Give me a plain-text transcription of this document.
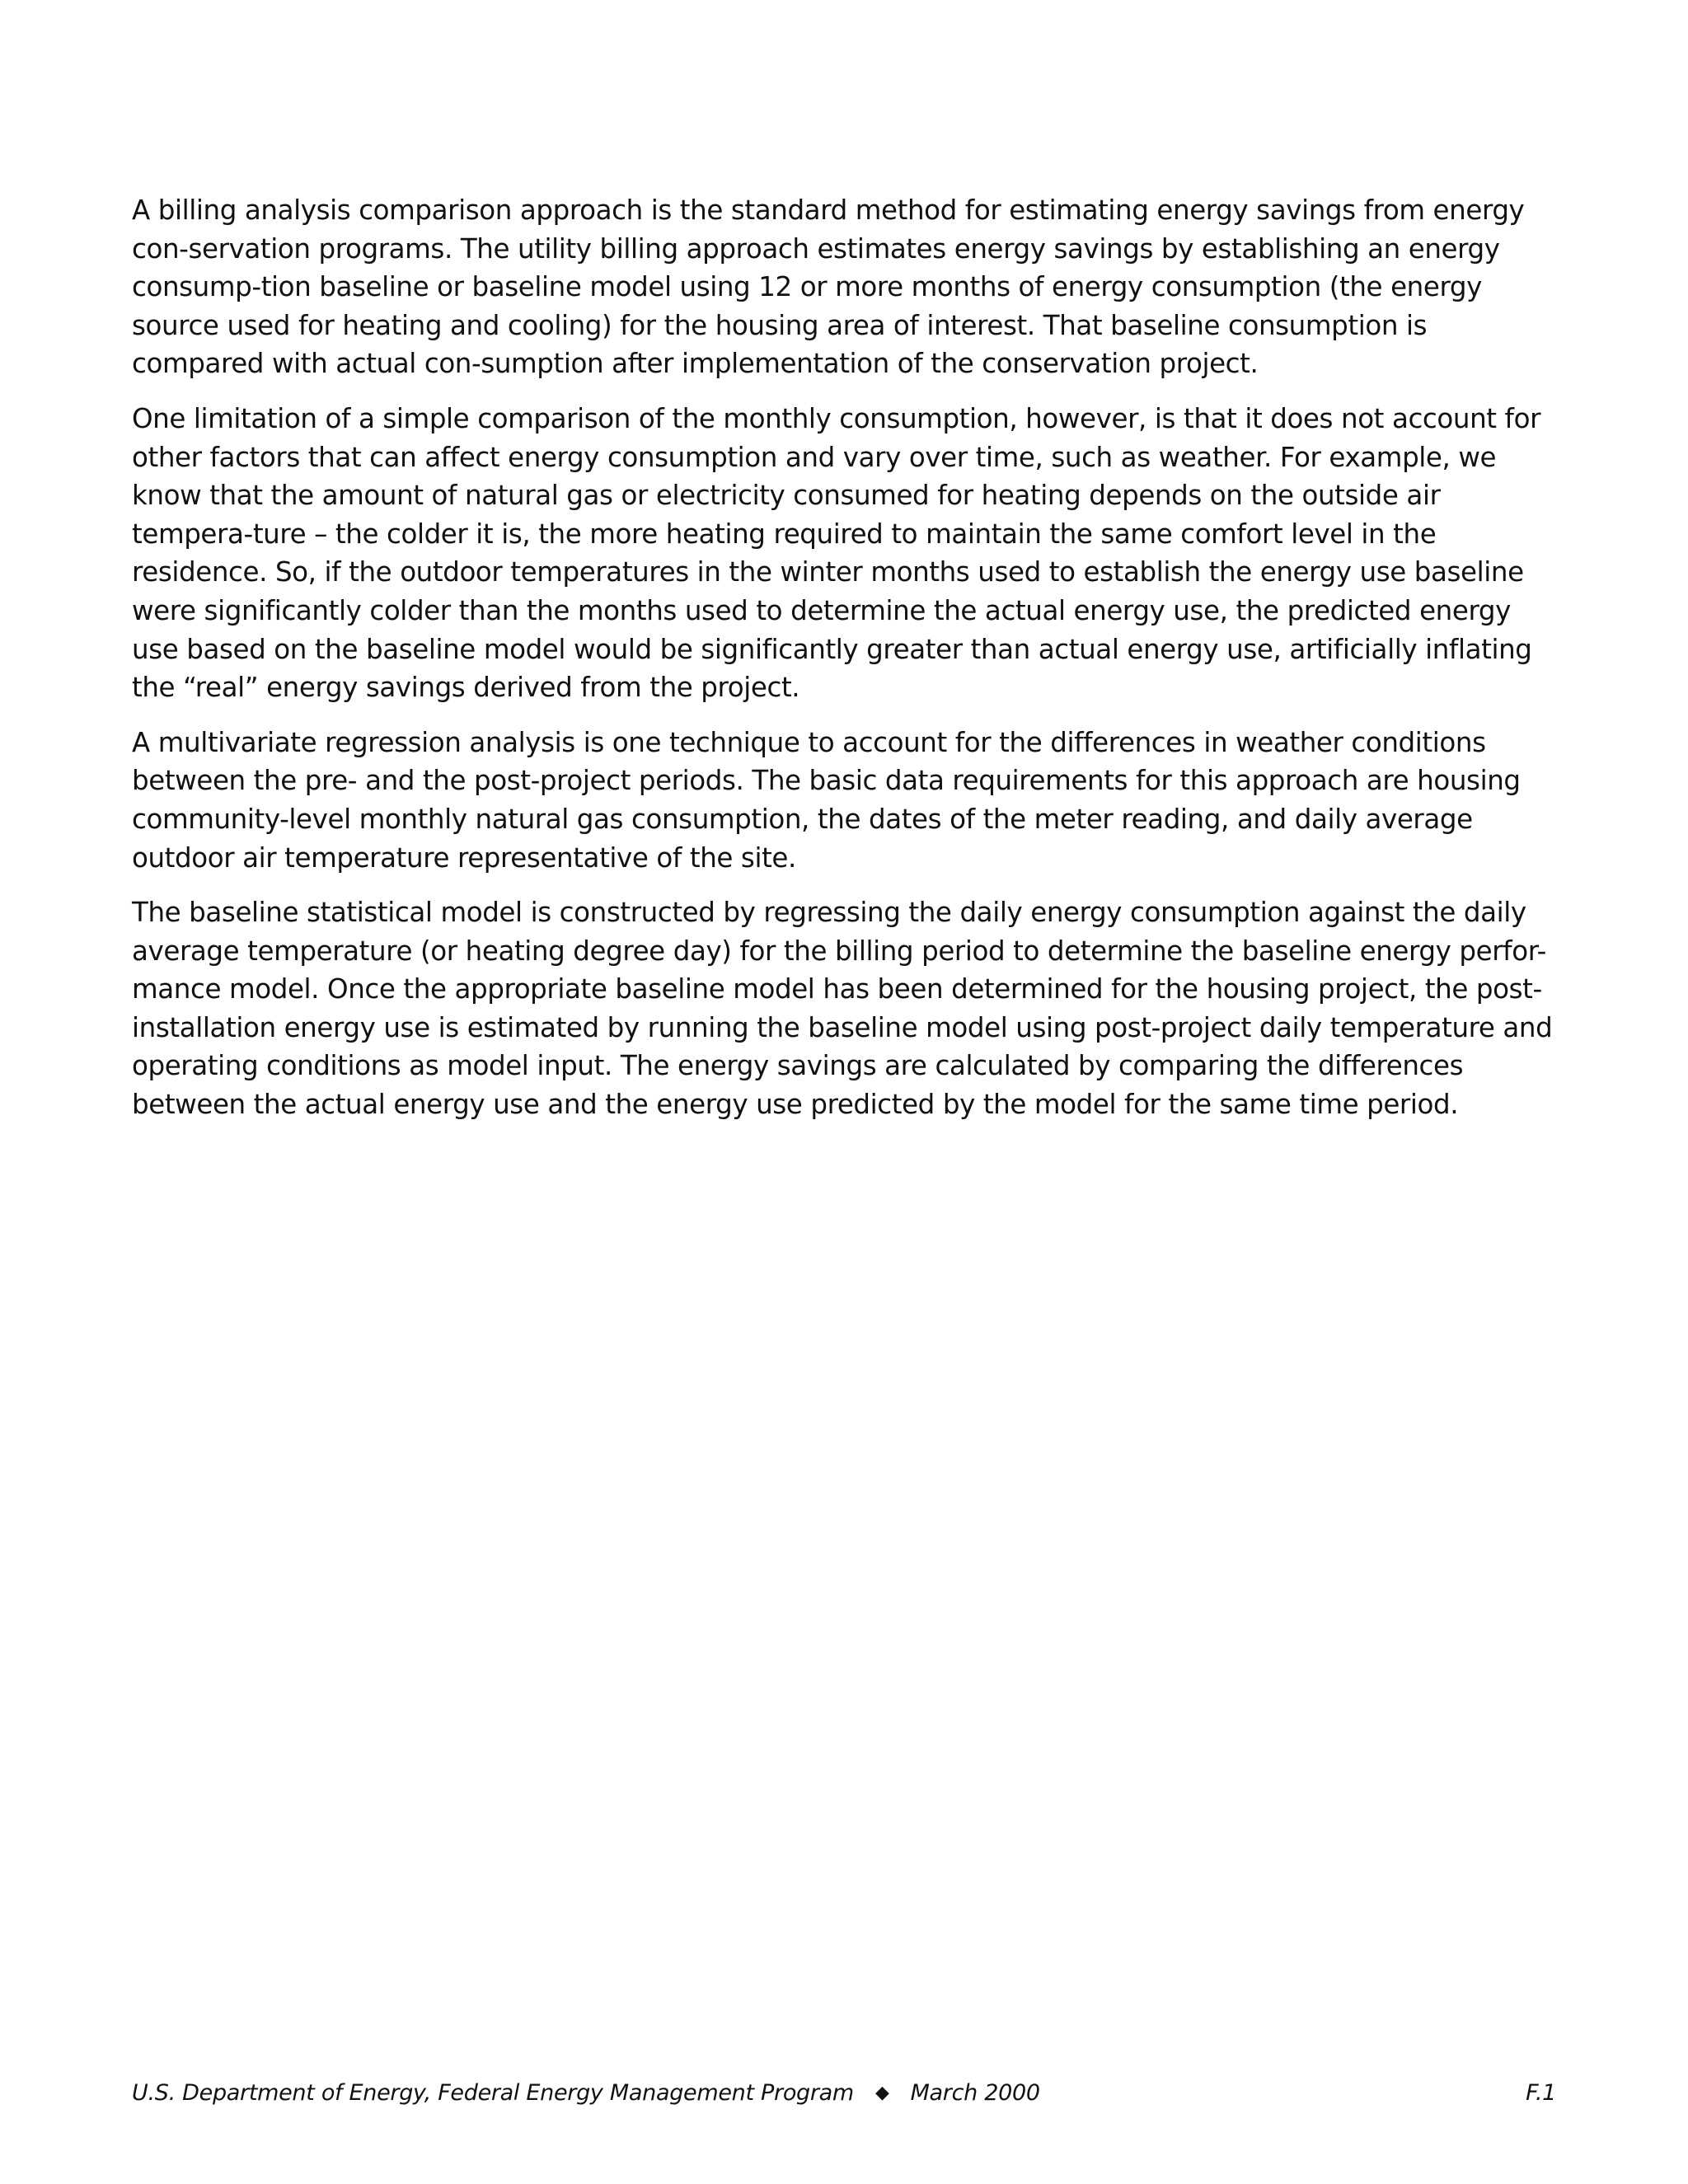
A billing analysis comparison approach is the standard method for estimating energy savings from energy con-servation programs. The utility billing approach estimates energy savings by establishing an energy consump-tion baseline or baseline model using 12 or more months of energy consumption (the energy source used for heating and cooling) for the housing area of interest. That baseline consumption is compared with actual con-sumption after implementation of the conservation project.

One limitation of a simple comparison of the monthly consumption, however, is that it does not account for other factors that can affect energy consumption and vary over time, such as weather. For example, we know that the amount of natural gas or electricity consumed for heating depends on the outside air tempera-ture – the colder it is, the more heating required to maintain the same comfort level in the residence. So, if the outdoor temperatures in the winter months used to establish the energy use baseline were significantly colder than the months used to determine the actual energy use, the predicted energy use based on the baseline model would be significantly greater than actual energy use, artificially inflating the “real” energy savings derived from the project.

A multivariate regression analysis is one technique to account for the differences in weather conditions between the pre- and the post-project periods. The basic data requirements for this approach are housing community-level monthly natural gas consumption, the dates of the meter reading, and daily average outdoor air temperature representative of the site.

The baseline statistical model is constructed by regressing the daily energy consumption against the daily average temperature (or heating degree day) for the billing period to determine the baseline energy perfor-mance model. Once the appropriate baseline model has been determined for the housing project, the post-installation energy use is estimated by running the baseline model using post-project daily temperature and operating conditions as model input. The energy savings are calculated by comparing the differences between the actual energy use and the energy use predicted by the model for the same time period.

U.S. Department of Energy, Federal Energy Management Program ◆ March 2000	F.1
